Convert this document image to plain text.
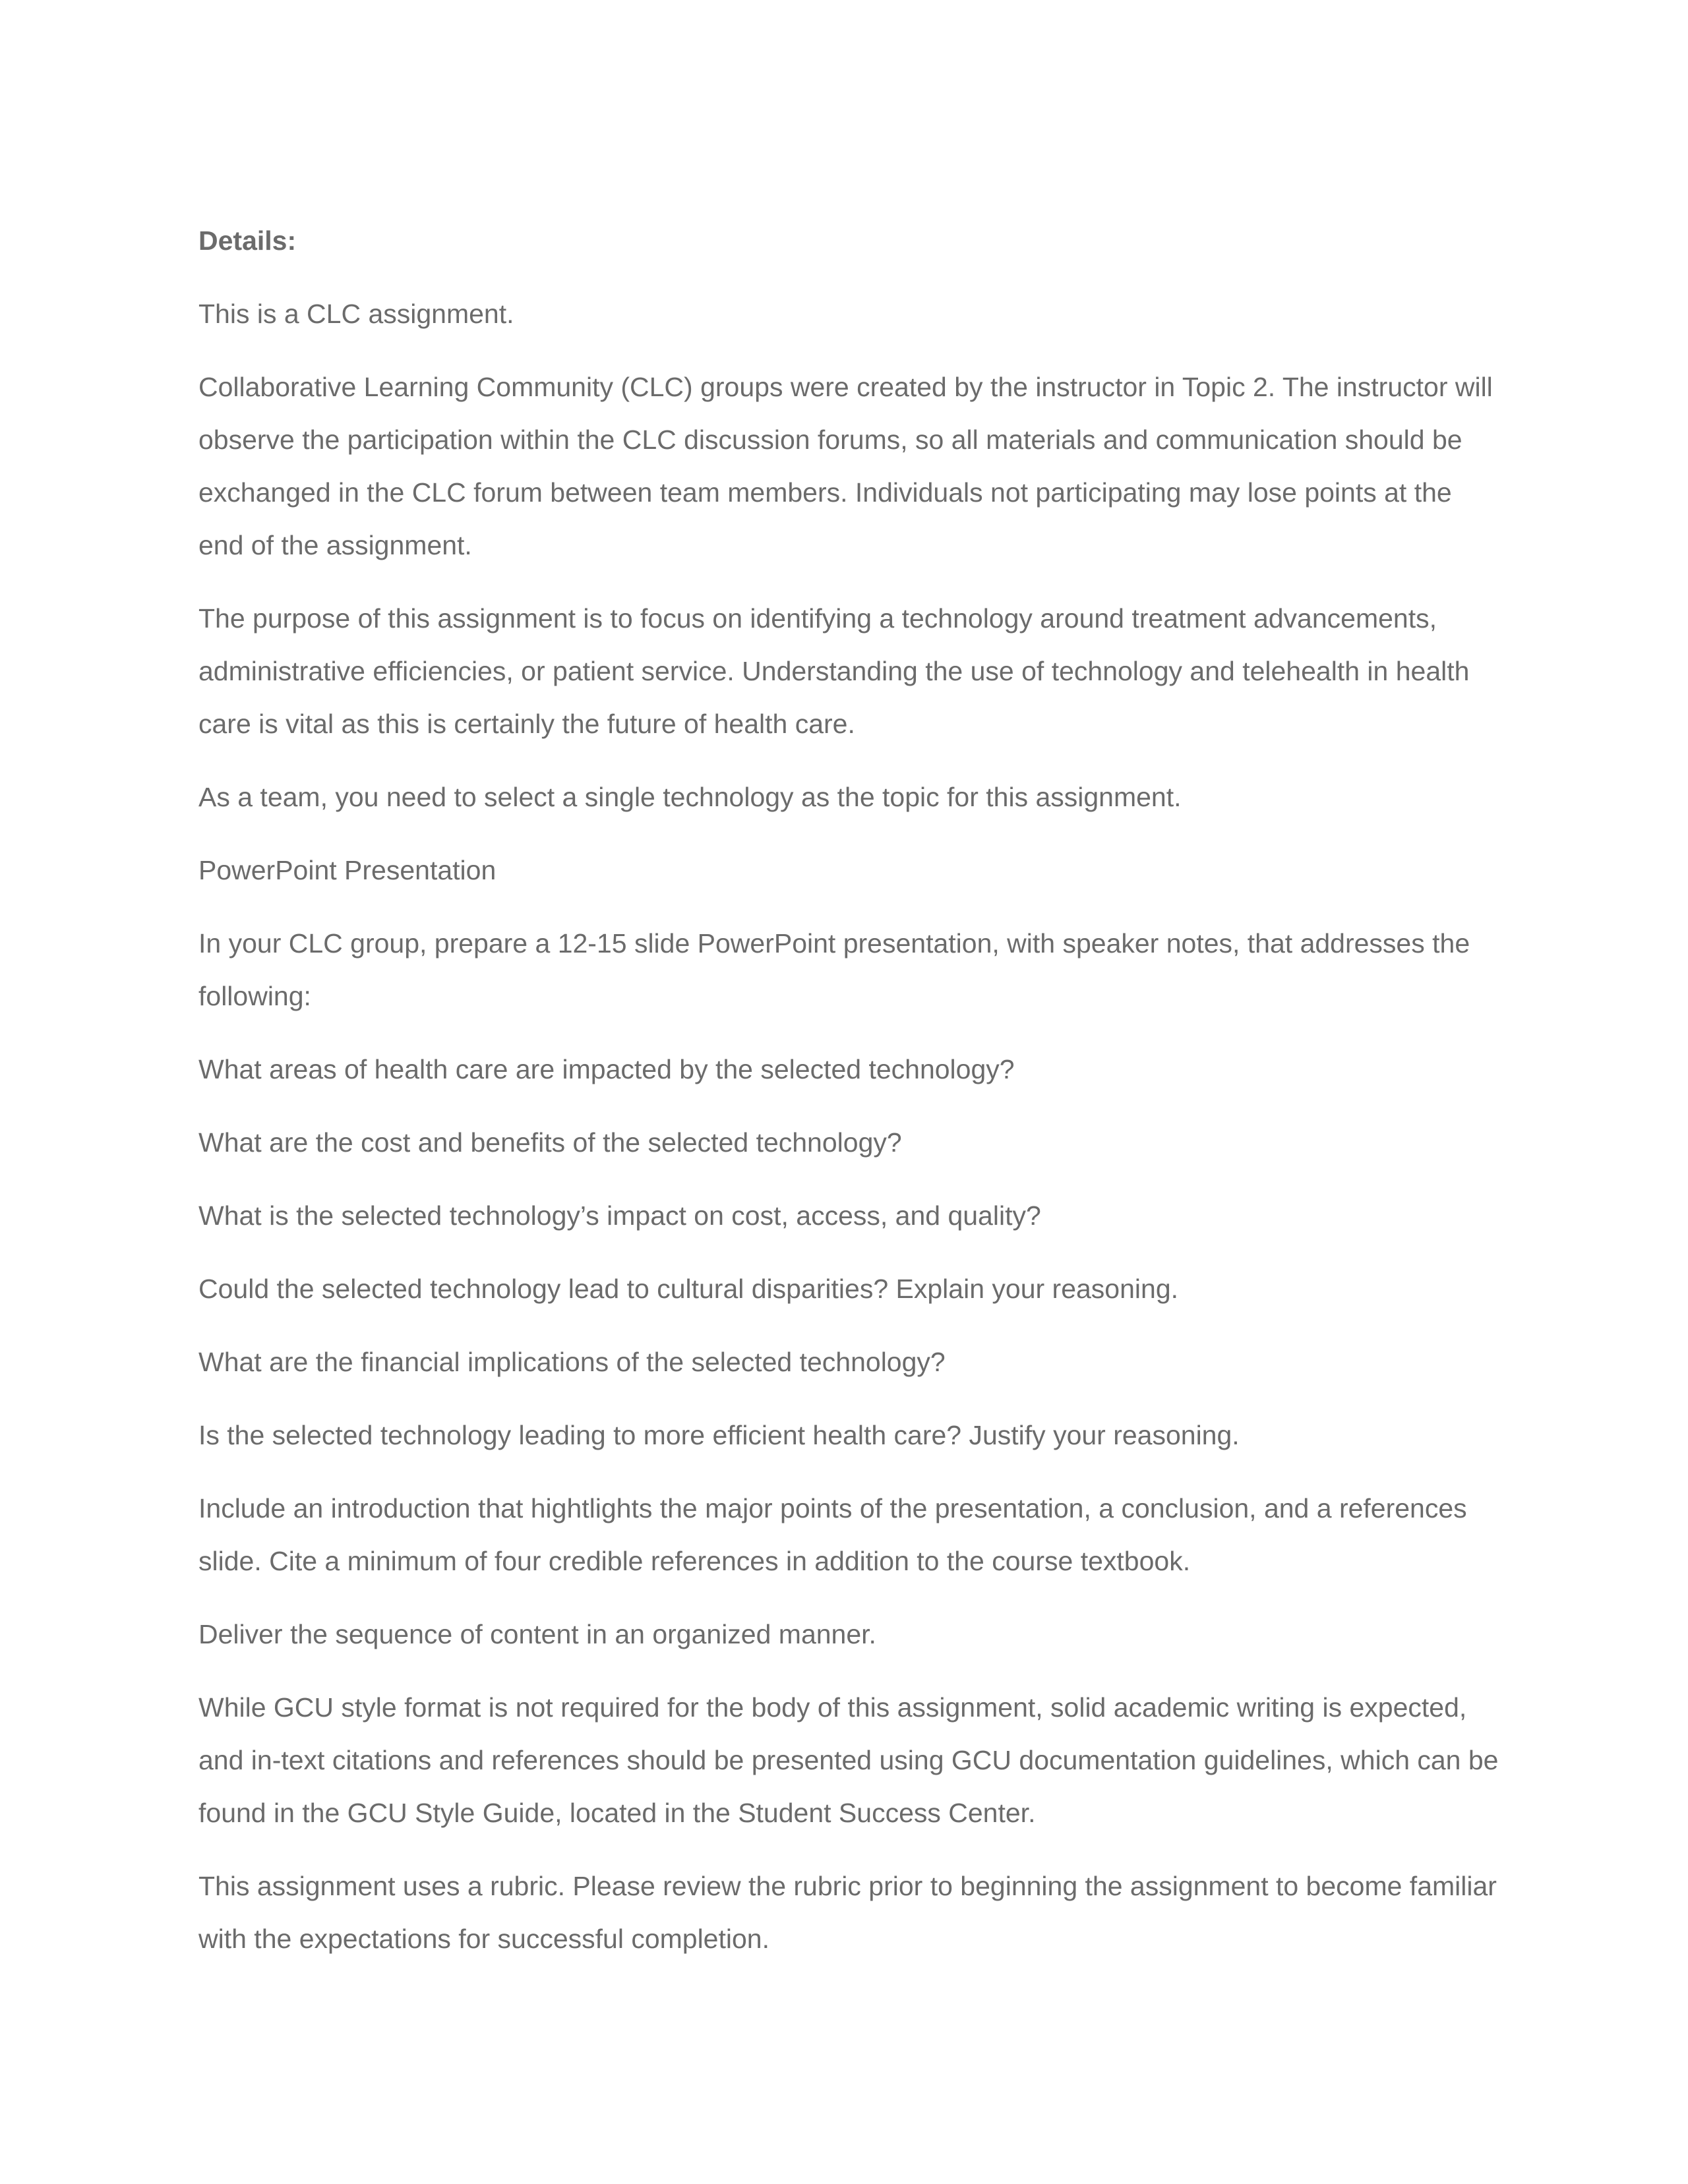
Details:

This is a CLC assignment.

Collaborative Learning Community (CLC) groups were created by the instructor in Topic 2. The instructor will observe the participation within the CLC discussion forums, so all materials and communication should be exchanged in the CLC forum between team members. Individuals not participating may lose points at the end of the assignment.

The purpose of this assignment is to focus on identifying a technology around treatment advancements, administrative efficiencies, or patient service. Understanding the use of technology and telehealth in health care is vital as this is certainly the future of health care.

As a team, you need to select a single technology as the topic for this assignment.

PowerPoint Presentation

In your CLC group, prepare a 12-15 slide PowerPoint presentation, with speaker notes, that addresses the following:

What areas of health care are impacted by the selected technology?

What are the cost and benefits of the selected technology?

What is the selected technology’s impact on cost, access, and quality?

Could the selected technology lead to cultural disparities? Explain your reasoning.

What are the financial implications of the selected technology?

Is the selected technology leading to more efficient health care? Justify your reasoning.

Include an introduction that hightlights the major points of the presentation, a conclusion, and a references slide. Cite a minimum of four credible references in addition to the course textbook.

Deliver the sequence of content in an organized manner.

While GCU style format is not required for the body of this assignment, solid academic writing is expected, and in-text citations and references should be presented using GCU documentation guidelines, which can be found in the GCU Style Guide, located in the Student Success Center.

This assignment uses a rubric. Please review the rubric prior to beginning the assignment to become familiar with the expectations for successful completion.
